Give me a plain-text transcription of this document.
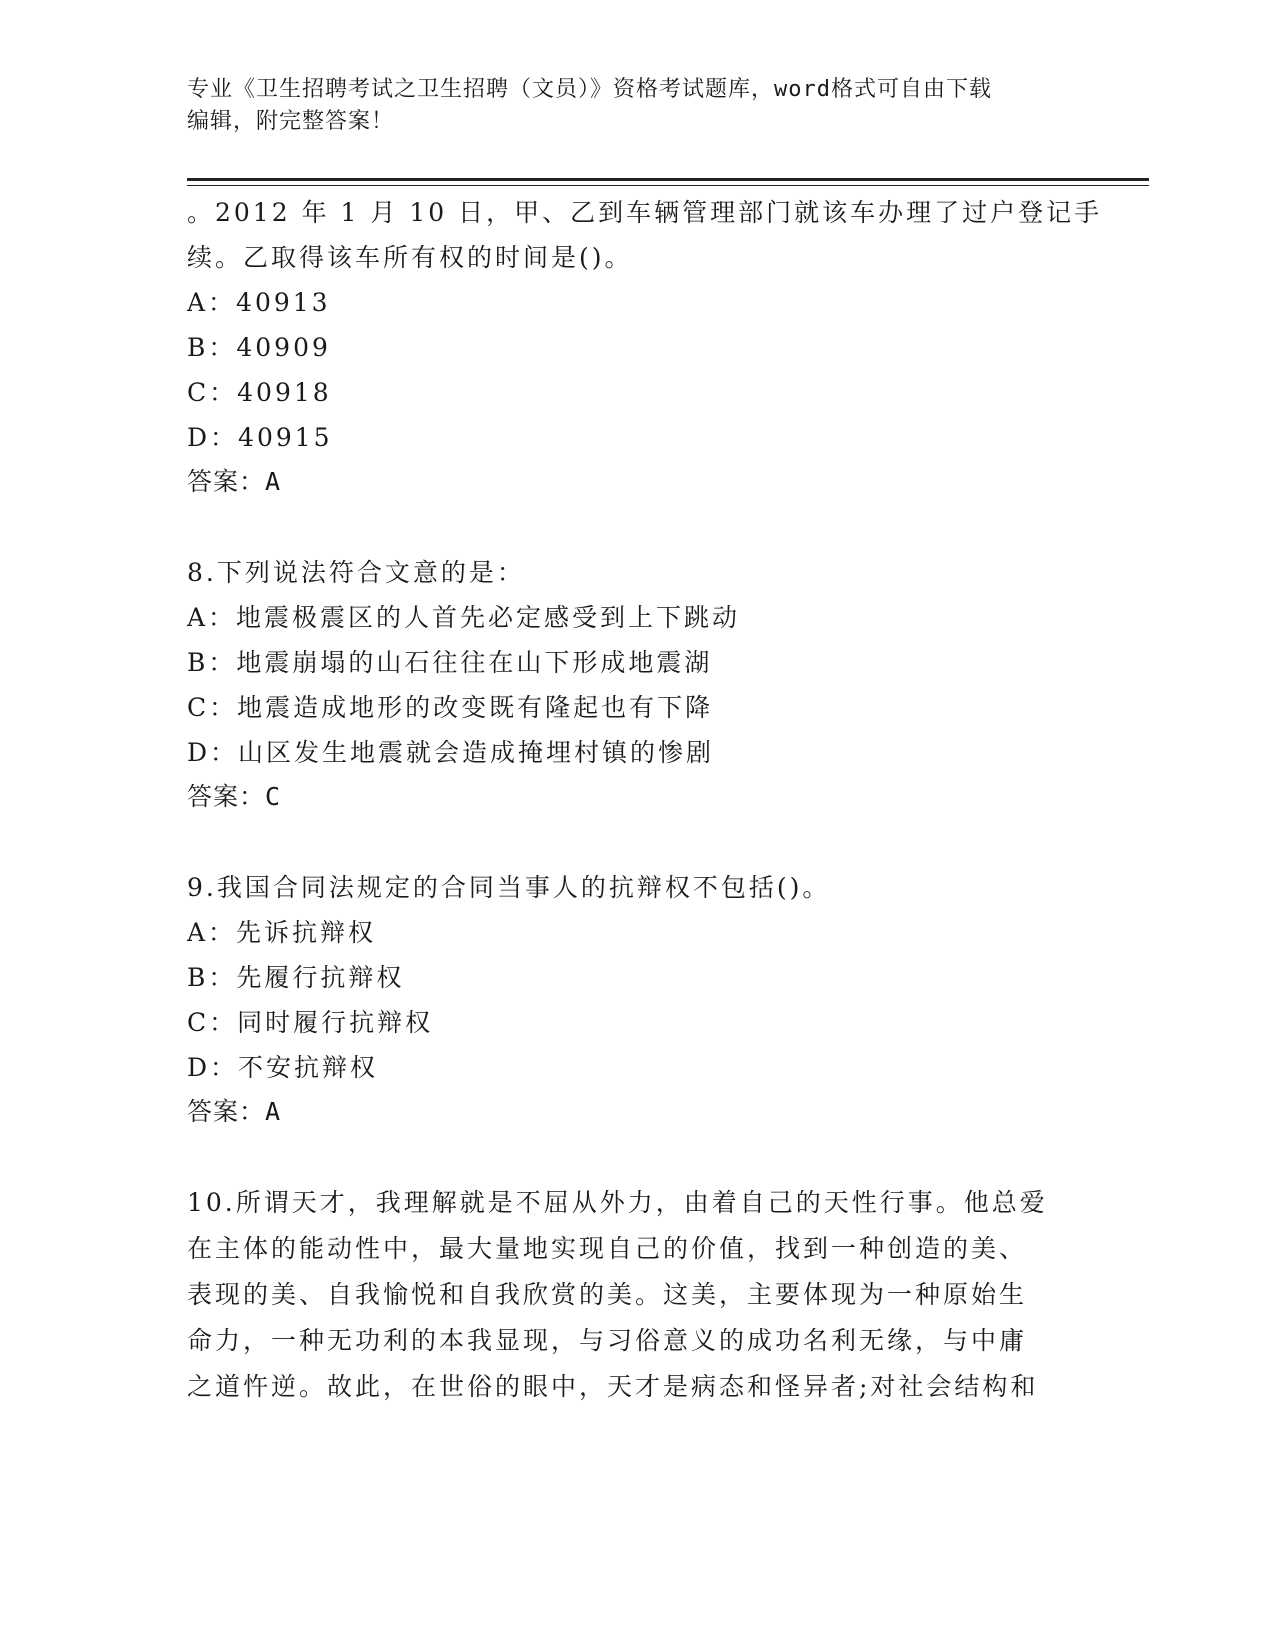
专业《卫生招聘考试之卫生招聘（文员）》资格考试题库，word格式可自由下载
编辑，附完整答案！

。2012 年 1 月 10 日，甲、乙到车辆管理部门就该车办理了过户登记手

续。乙取得该车所有权的时间是()。

A：40913

B：40909

C：40918

D：40915

答案：A

8.下列说法符合文意的是：

A：地震极震区的人首先必定感受到上下跳动

B：地震崩塌的山石往往在山下形成地震湖

C：地震造成地形的改变既有隆起也有下降

D：山区发生地震就会造成掩埋村镇的惨剧

答案：C

9.我国合同法规定的合同当事人的抗辩权不包括()。

A：先诉抗辩权

B：先履行抗辩权

C：同时履行抗辩权

D：不安抗辩权

答案：A

10.所谓天才，我理解就是不屈从外力，由着自己的天性行事。他总爱

在主体的能动性中，最大量地实现自己的价值，找到一种创造的美、

表现的美、自我愉悦和自我欣赏的美。这美，主要体现为一种原始生

命力，一种无功利的本我显现，与习俗意义的成功名利无缘，与中庸

之道忤逆。故此，在世俗的眼中，天才是病态和怪异者;对社会结构和
